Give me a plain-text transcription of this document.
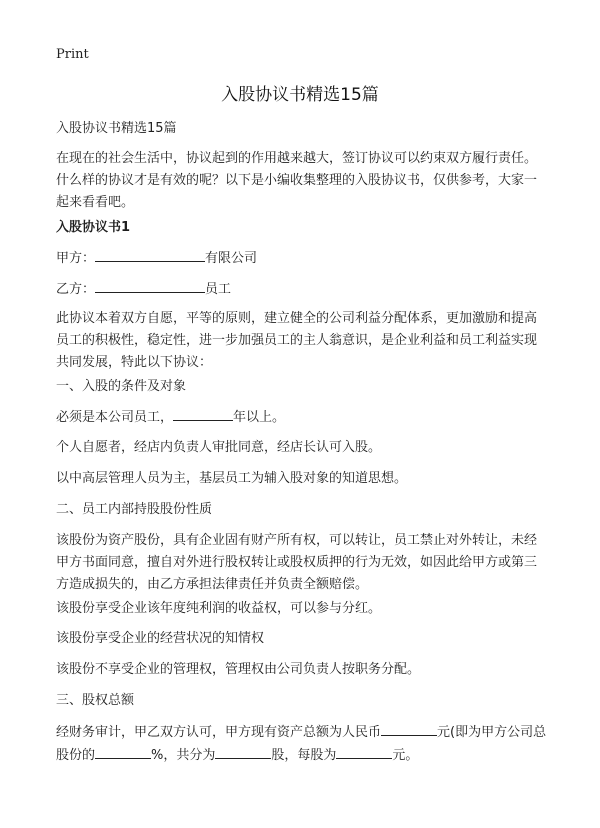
Print
入股协议书精选15篇
入股协议书精选15篇
在现在的社会生活中，协议起到的作用越来越大，签订协议可以约束双方履行责任。什么样的协议才是有效的呢？以下是小编收集整理的入股协议书，仅供参考，大家一起来看看吧。
入股协议书1
甲方：	有限公司
乙方：	员工
此协议本着双方自愿，平等的原则，建立健全的公司利益分配体系，更加激励和提高员工的积极性，稳定性，进一步加强员工的主人翁意识，是企业利益和员工利益实现共同发展，特此以下协议：
一、入股的条件及对象
必须是本公司员工，	年以上。
个人自愿者，经店内负责人审批同意，经店长认可入股。
以中高层管理人员为主，基层员工为辅入股对象的知道思想。
二、员工内部持股股份性质
该股份为资产股份，具有企业固有财产所有权，可以转让，员工禁止对外转让，未经甲方书面同意，擅自对外进行股权转让或股权质押的行为无效，如因此给甲方或第三方造成损失的，由乙方承担法律责任并负责全额赔偿。
该股份享受企业该年度纯利润的收益权，可以参与分红。
该股份享受企业的经营状况的知情权
该股份不享受企业的管理权，管理权由公司负责人按职务分配。
三、股权总额
经财务审计，甲乙双方认可，甲方现有资产总额为人民币	元(即为甲方公司总股份的	%，共分为	股，每股为	元。
